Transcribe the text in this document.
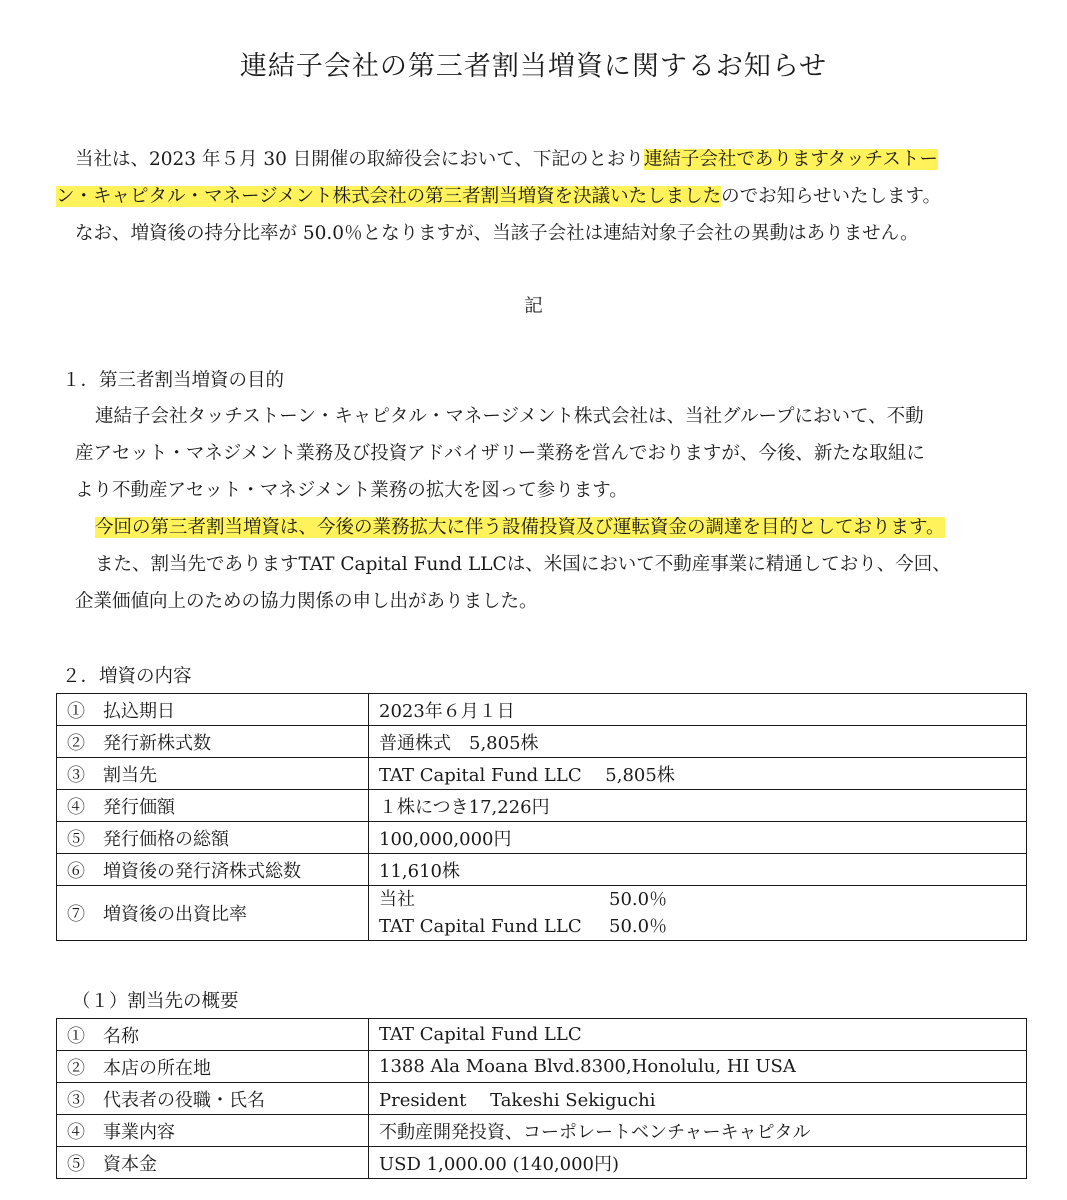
連結子会社の第三者割当増資に関するお知らせ

当社は、2023 年５月 30 日開催の取締役会において、下記のとおり連結子会社でありますタッチストー
ン・キャピタル・マネージメント株式会社の第三者割当増資を決議いたしましたのでお知らせいたします。
なお、増資後の持分比率が 50.0％となりますが、当該子会社は連結対象子会社の異動はありません。

記
１．第三者割当増資の目的

連結子会社タッチストーン・キャピタル・マネージメント株式会社は、当社グループにおいて、不動
産アセット・マネジメント業務及び投資アドバイザリー業務を営んでおりますが、今後、新たな取組に
より不動産アセット・マネジメント業務の拡大を図って参ります。
今回の第三者割当増資は、今後の業務拡大に伴う設備投資及び運転資金の調達を目的としております。
また、割当先でありますTAT Capital Fund LLCは、米国において不動産事業に精通しており、今回、
企業価値向上のための協力関係の申し出がありました。

２．増資の内容
①　払込期日	2023年６月１日
②　発行新株式数	普通株式　5,805株
③　割当先	TAT Capital Fund LLC　 5,805株
④　発行価額	１株につき17,226円
⑤　発行価格の総額	100,000,000円
⑥　増資後の発行済株式総数	11,610株
⑦　増資後の出資比率	当社 50.0％
TAT Capital Fund LLC 50.0％
（１）割当先の概要
①　名称	TAT Capital Fund LLC
②　本店の所在地	1388 Ala Moana Blvd.8300,Honolulu, HI USA
③　代表者の役職・氏名	President　 Takeshi Sekiguchi
④　事業内容	不動産開発投資、コーポレートベンチャーキャピタル
⑤　資本金	USD 1,000.00 (140,000円)
